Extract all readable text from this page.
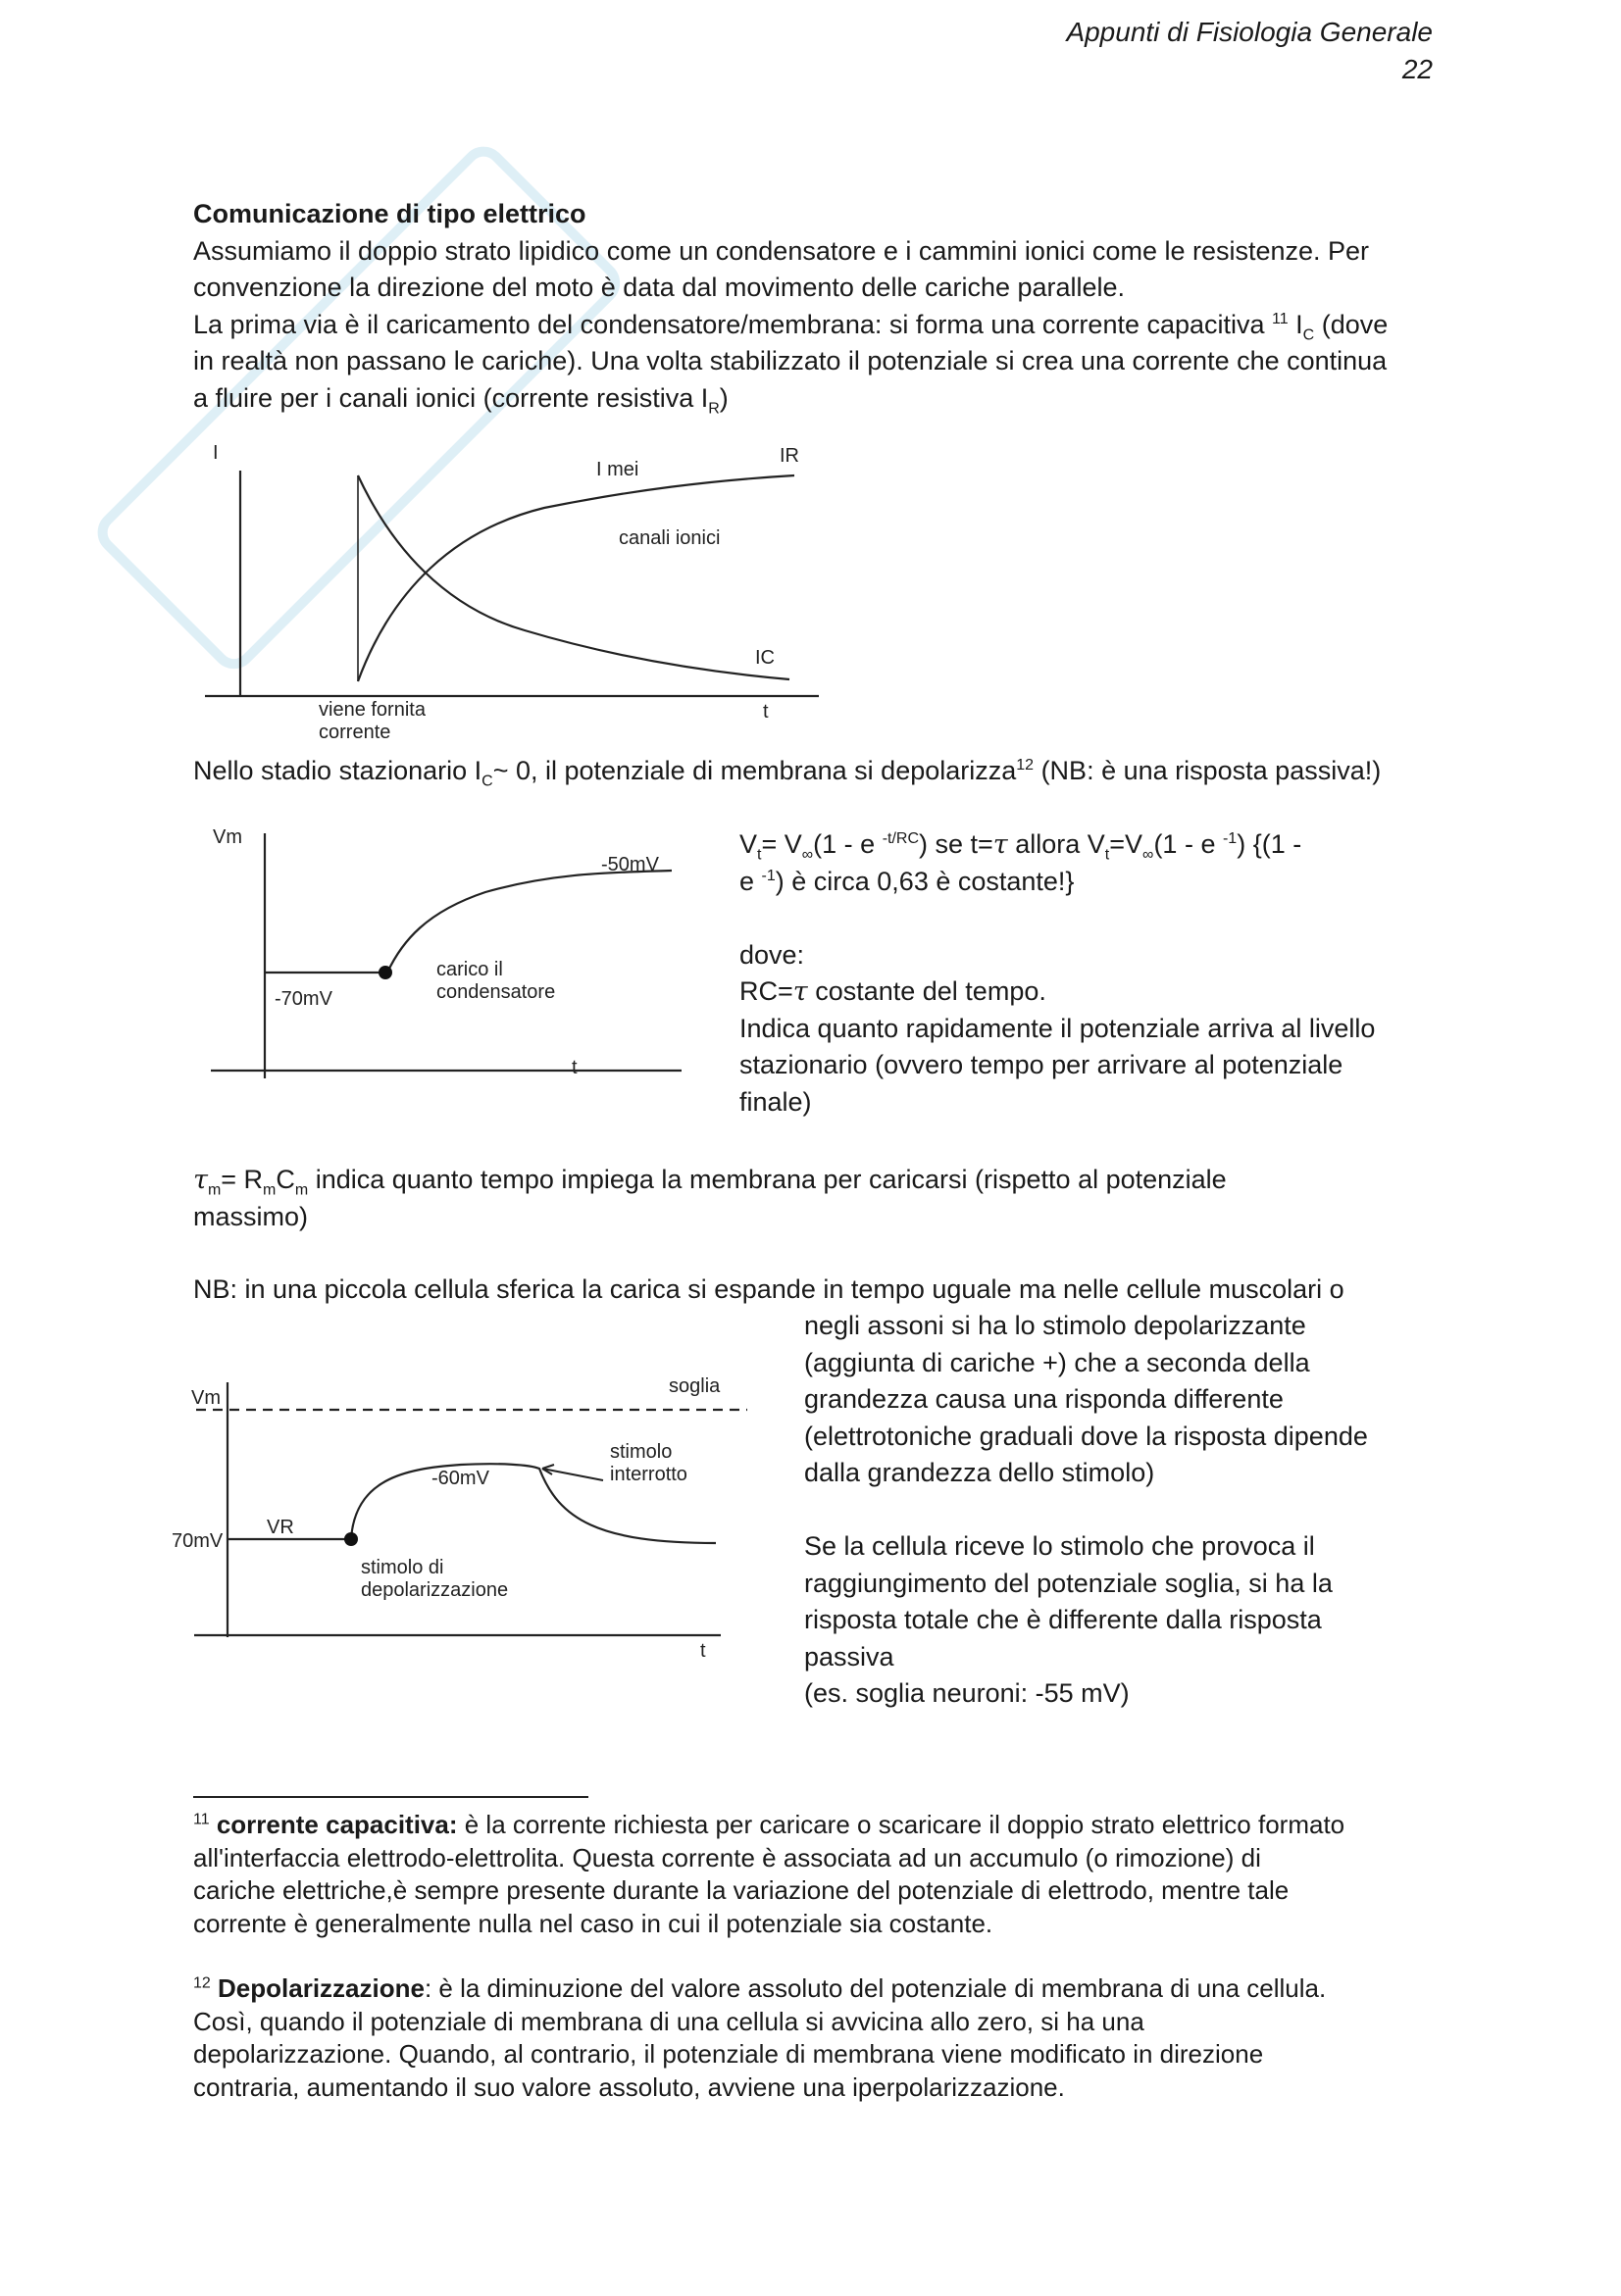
Appunti di Fisiologia Generale
22
Comunicazione di tipo elettrico
Assumiamo il doppio strato lipidico come un condensatore e i cammini ionici come le resistenze. Per
convenzione la direzione del moto è data dal movimento delle cariche parallele.
La prima via è il caricamento del condensatore/membrana: si forma una corrente capacitiva $^{11}$ $I_C$ (dove
in realtà non passano le cariche). Una volta stabilizzato il potenziale si crea una corrente che continua
a fluire per i canali ionici (corrente resistiva $I_R$)
I
I mei
IR
canali ionici
IC
viene fornita
corrente
t
Nello stadio stazionario $I_C\sim$ 0, il potenziale di membrana si depolarizza$^{12}$ (NB: è una risposta passiva!)
Vm
-50mV
carico il
condensatore
-70mV
t
$V_t= V_\infty(1 - e$ $^{-t/RC}$) se t=τ allora $V_t=V_\infty(1 - e$ $^{-1}$) {(1 -
e $^{-1}$) è circa 0,63 è costante!}
dove:
RC=τ costante del tempo.
Indica quanto rapidamente il potenziale arriva al livello
stazionario (ovvero tempo per arrivare al potenziale
finale)
$\tau_m= R_mC_m$ indica quanto tempo impiega la membrana per caricarsi (rispetto al potenziale
massimo)
NB: in una piccola cellula sferica la carica si espande in tempo uguale ma nelle cellule muscolari o
negli assoni si ha lo stimolo depolarizzante
(aggiunta di cariche +) che a seconda della
grandezza causa una risponda differente
(elettrotoniche graduali dove la risposta dipende
dalla grandezza dello stimolo)
Se la cellula riceve lo stimolo che provoca il
raggiungimento del potenziale soglia, si ha la
risposta totale che è differente dalla risposta
passiva
(es. soglia neuroni: -55 mV)
Vm
soglia
stimolo
interrotto
-60mV
70mV
VR
stimolo di
depolarizzazione
t
$^{11}$ corrente capacitiva: è la corrente richiesta per caricare o scaricare il doppio strato elettrico formato
all'interfaccia elettrodo-elettrolita. Questa corrente è associata ad un accumulo (o rimozione) di
cariche elettriche,è sempre presente durante la variazione del potenziale di elettrodo, mentre tale
corrente è generalmente nulla nel caso in cui il potenziale sia costante.
$^{12}$ Depolarizzazione: è la diminuzione del valore assoluto del potenziale di membrana di una cellula.
Così, quando il potenziale di membrana di una cellula si avvicina allo zero, si ha una
depolarizzazione. Quando, al contrario, il potenziale di membrana viene modificato in direzione
contraria, aumentando il suo valore assoluto, avviene una iperpolarizzazione.
